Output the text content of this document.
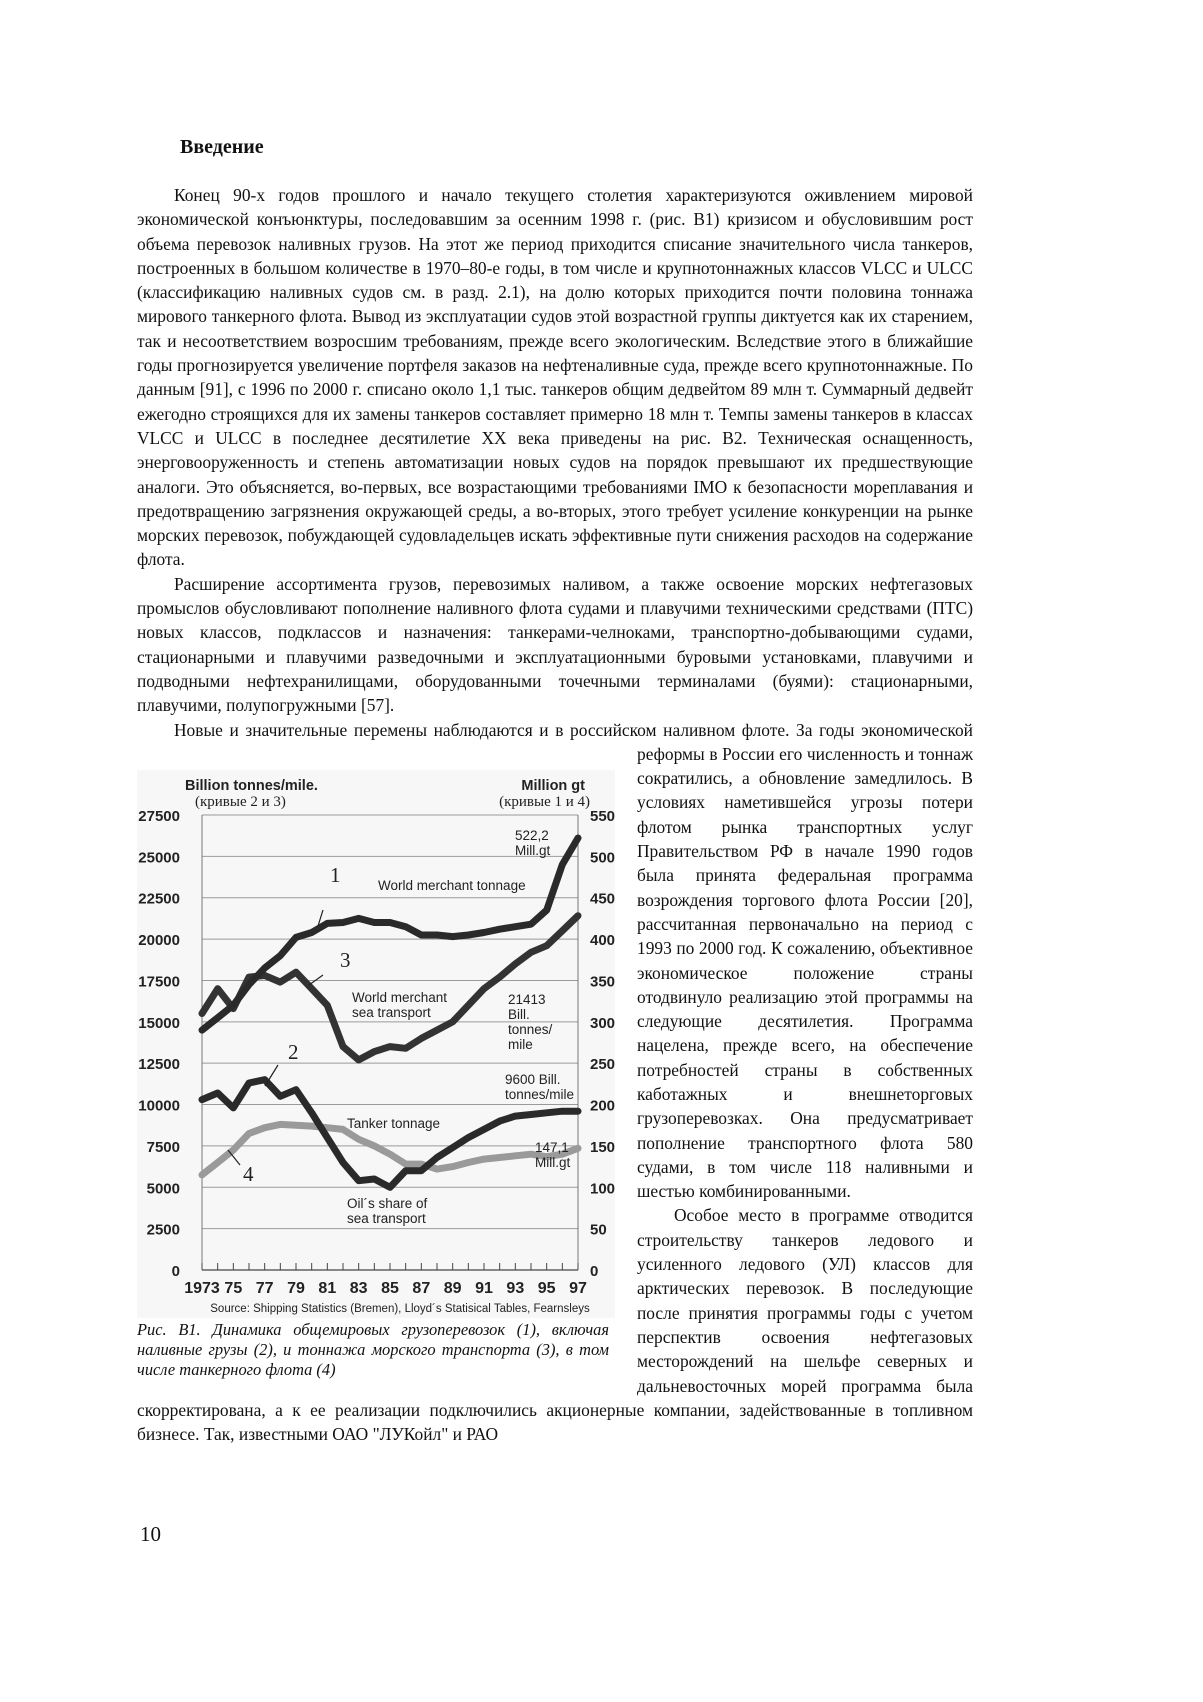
Введение

Конец 90-х годов прошлого и начало текущего столетия характеризуются оживлением мировой экономической конъюнктуры, последовавшим за осенним 1998 г. (рис. В1) кризисом и обусловившим рост объема перевозок наливных грузов. На этот же период приходится списание значительного числа танкеров, построенных в большом количестве в 1970–80-е годы, в том числе и крупнотоннажных классов VLCC и ULCC (классификацию наливных судов см. в разд. 2.1), на долю которых приходится почти половина тоннажа мирового танкерного флота. Вывод из эксплуатации судов этой возрастной группы диктуется как их старением, так и несоответствием возросшим требованиям, прежде всего экологическим. Вследствие этого в ближайшие годы прогнозируется увеличение портфеля заказов на нефтеналивные суда, прежде всего крупнотоннажные. По данным [91], с 1996 по 2000 г. списано около 1,1 тыс. танкеров общим дедвейтом 89 млн т. Суммарный дедвейт ежегодно строящихся для их замены танкеров составляет примерно 18 млн т. Темпы замены танкеров в классах VLCC и ULCC в последнее десятилетие XX века приведены на рис. В2. Техническая оснащенность, энерговооруженность и степень автоматизации новых судов на порядок превышают их предшествующие аналоги. Это объясняется, во-первых, все возрастающими требованиями IMO к безопасности мореплавания и предотвращению загрязнения окружающей среды, а во-вторых, этого требует усиление конкуренции на рынке морских перевозок, побуждающей судовладельцев искать эффективные пути снижения расходов на содержание флота.

Расширение ассортимента грузов, перевозимых наливом, а также освоение морских нефтегазовых промыслов обусловливают пополнение наливного флота судами и плавучими техническими средствами (ПТС) новых классов, подклассов и назначения: танкерами-челноками, транспортно-добывающими судами, стационарными и плавучими разведочными и эксплуатационными буровыми установками, плавучими и подводными нефтехранилищами, оборудованными точечными терминалами (буями): стационарными, плавучими, полупогружными [57].

0
2500
5000
7500
10000
12500
15000
17500
20000
22500
25000
27500
0
50
100
150
200
250
300
350
400
450
500
550
1973 75 77 79 81 83 85 87 89 91 93 95 97
Billion tonnes/mile.
(кривые 2 и 3)
Million gt
(кривые 1 и 4)
1
3
2
4
World merchant tonnage
522,2
Mill.gt
World merchant
sea transport
21413
Bill.
tonnes/
mile
9600 Bill.
tonnes/mile
Tanker tonnage
147,1
Mill.gt
Oil´s share of
sea transport
Source: Shipping Statistics (Bremen), Lloyd´s Statisical Tables, Fearnsleys
Рис. В1. Динамика общемировых грузоперевозок (1), включая наливные грузы (2), и тоннажа морского транспорта (3), в том числе танкерного флота (4)

Новые и значительные перемены наблюдаются и в российском наливном флоте. За годы экономической реформы в России его численность и тоннаж сократились, а обновление замедлилось. В условиях наметившейся угрозы потери флотом рынка транспортных услуг Правительством РФ в начале 1990 годов была принята федеральная программа возрождения торгового флота России [20], рассчитанная первоначально на период с 1993 по 2000 год. К сожалению, объективное экономическое положение страны отодвинуло реализацию этой программы на следующие десятилетия. Программа нацелена, прежде всего, на обеспечение потребностей страны в собственных каботажных и внешнеторговых грузоперевозках. Она предусматривает пополнение транспортного флота 580 судами, в том числе 118 наливными и шестью комбинированными.

Особое место в программе отводится строительству танкеров ледового и усиленного ледового (УЛ) классов для арктических перевозок. В последующие после принятия программы годы с учетом перспектив освоения нефтегазовых месторождений на шельфе северных и дальневосточных морей программа была скорректирована, а к ее реализации подключились акционерные компании, задействованные в топливном бизнесе. Так, известными ОАО "ЛУКойл" и РАО

10
